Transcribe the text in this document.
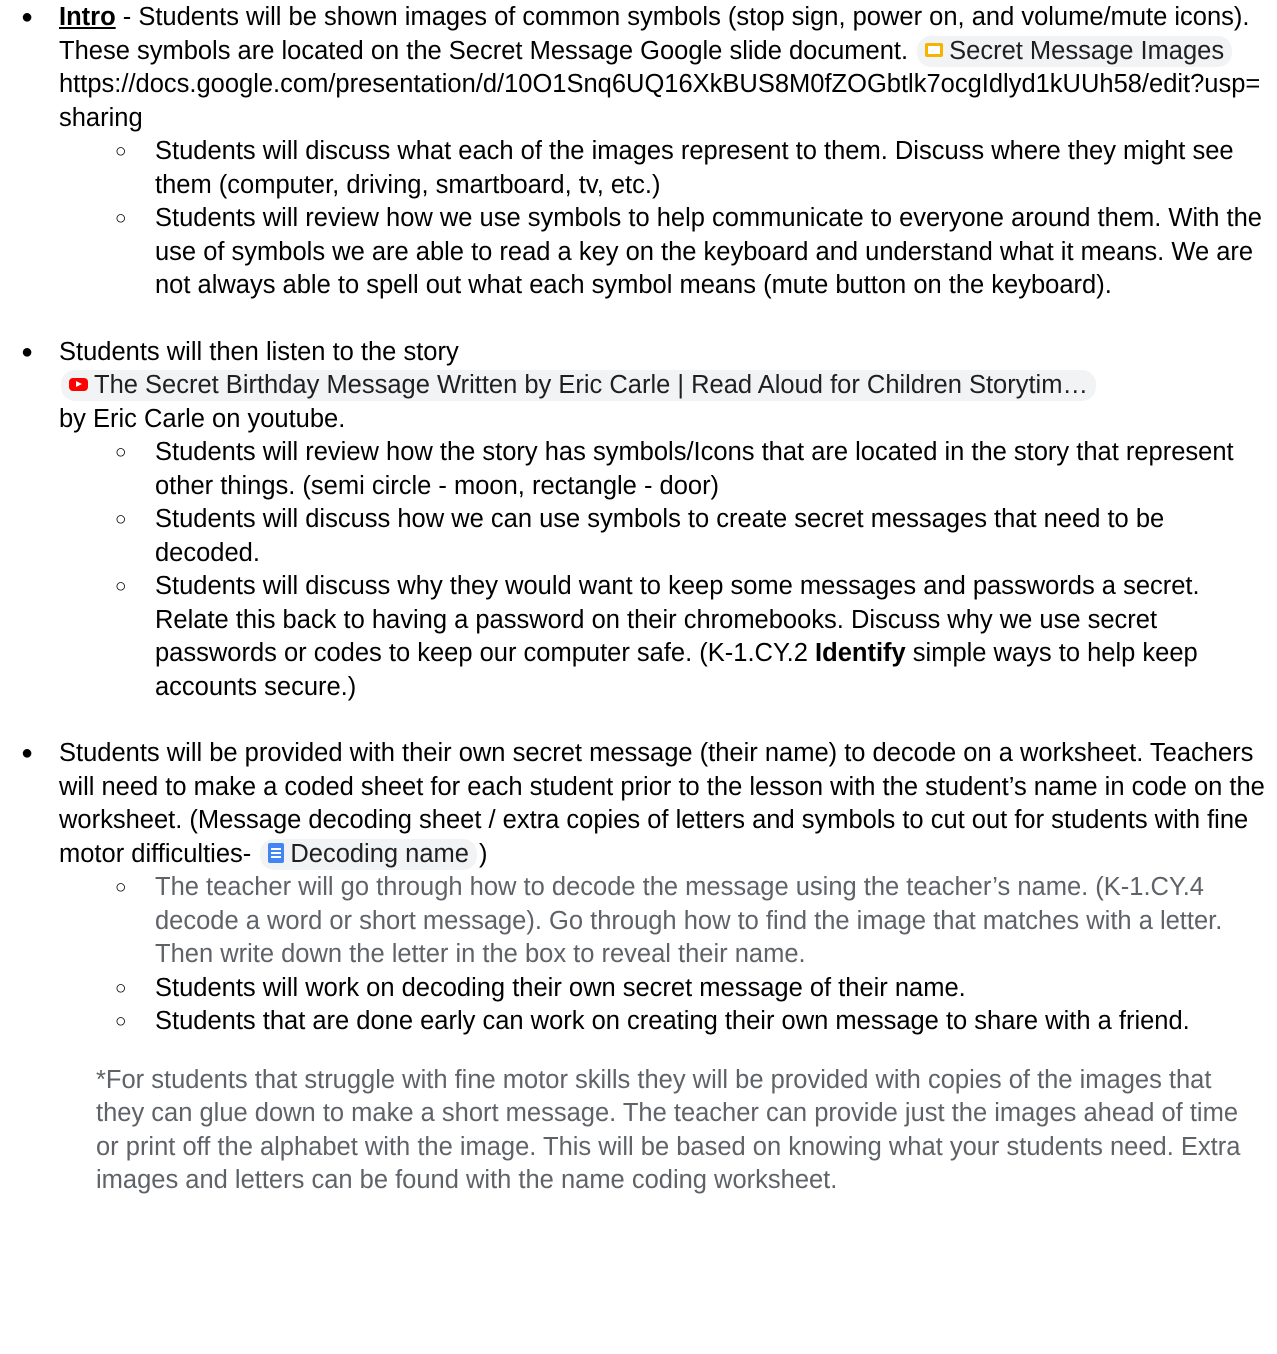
● Intro - Students will be shown images of common symbols (stop sign, power on, and volume/mute icons). These symbols are located on the Secret Message Google slide document. Secret Message Images
https://docs.google.com/presentation/d/10O1Snq6UQ16XkBUS8M0fZOGbtlk7ocgIdlyd1kUUh58/edit?usp=sharing
○ Students will discuss what each of the images represent to them. Discuss where they might see them (computer, driving, smartboard, tv, etc.)
○ Students will review how we use symbols to help communicate to everyone around them. With the use of symbols we are able to read a key on the keyboard and understand what it means. We are not always able to spell out what each symbol means (mute button on the keyboard).
● Students will then listen to the story
The Secret Birthday Message Written by Eric Carle | Read Aloud for Children Storytim…
by Eric Carle on youtube.
○ Students will review how the story has symbols/Icons that are located in the story that represent other things. (semi circle - moon, rectangle - door)
○ Students will discuss how we can use symbols to create secret messages that need to be decoded.
○ Students will discuss why they would want to keep some messages and passwords a secret. Relate this back to having a password on their chromebooks. Discuss why we use secret passwords or codes to keep our computer safe. (K-1.CY.2 Identify simple ways to help keep accounts secure.)
● Students will be provided with their own secret message (their name) to decode on a worksheet. Teachers will need to make a coded sheet for each student prior to the lesson with the student’s name in code on the worksheet. (Message decoding sheet / extra copies of letters and symbols to cut out for students with fine motor difficulties- Decoding name )
○ The teacher will go through how to decode the message using the teacher’s name. (K-1.CY.4 decode a word or short message). Go through how to find the image that matches with a letter. Then write down the letter in the box to reveal their name.
○ Students will work on decoding their own secret message of their name.
○ Students that are done early can work on creating their own message to share with a friend.
*For students that struggle with fine motor skills they will be provided with copies of the images that they can glue down to make a short message. The teacher can provide just the images ahead of time or print off the alphabet with the image. This will be based on knowing what your students need. Extra images and letters can be found with the name coding worksheet.
